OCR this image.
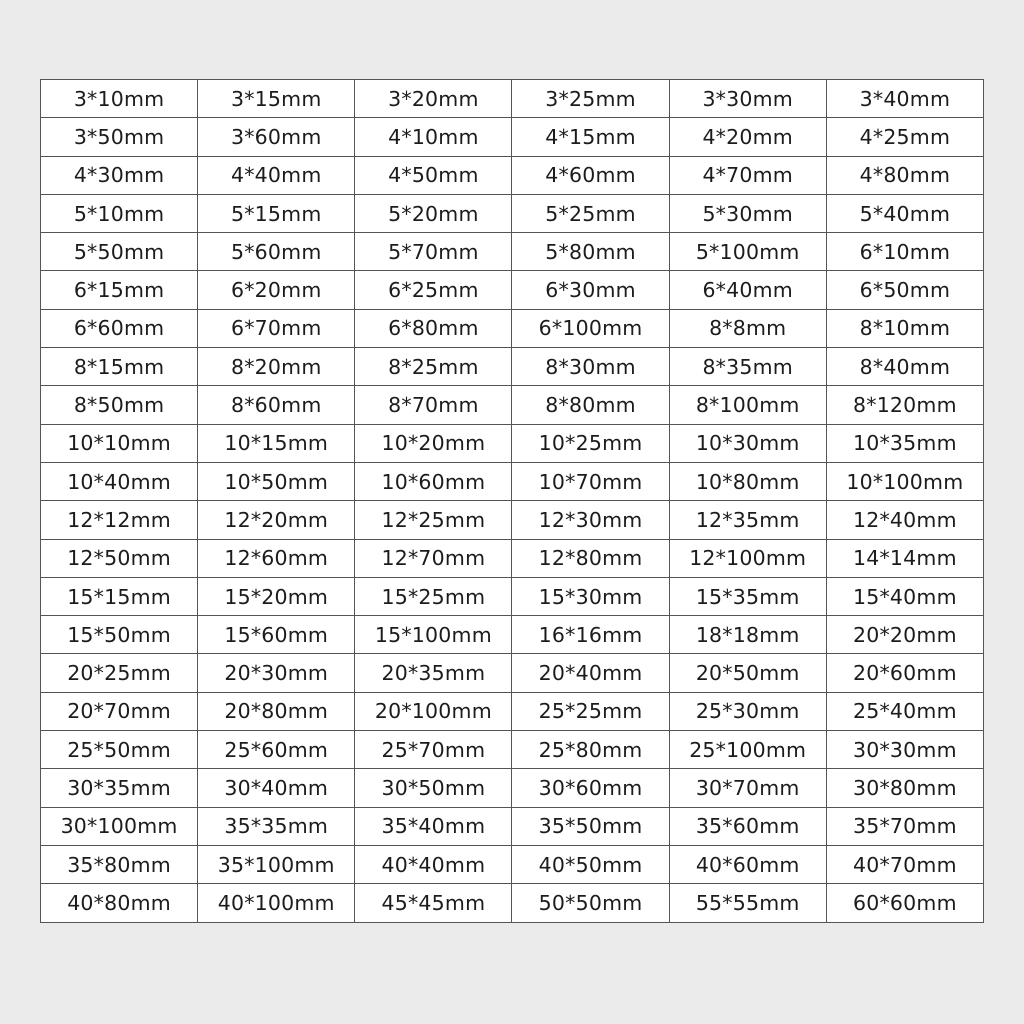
3*10mm	3*15mm	3*20mm	3*25mm	3*30mm	3*40mm
3*50mm	3*60mm	4*10mm	4*15mm	4*20mm	4*25mm
4*30mm	4*40mm	4*50mm	4*60mm	4*70mm	4*80mm
5*10mm	5*15mm	5*20mm	5*25mm	5*30mm	5*40mm
5*50mm	5*60mm	5*70mm	5*80mm	5*100mm	6*10mm
6*15mm	6*20mm	6*25mm	6*30mm	6*40mm	6*50mm
6*60mm	6*70mm	6*80mm	6*100mm	8*8mm	8*10mm
8*15mm	8*20mm	8*25mm	8*30mm	8*35mm	8*40mm
8*50mm	8*60mm	8*70mm	8*80mm	8*100mm	8*120mm
10*10mm	10*15mm	10*20mm	10*25mm	10*30mm	10*35mm
10*40mm	10*50mm	10*60mm	10*70mm	10*80mm	10*100mm
12*12mm	12*20mm	12*25mm	12*30mm	12*35mm	12*40mm
12*50mm	12*60mm	12*70mm	12*80mm	12*100mm	14*14mm
15*15mm	15*20mm	15*25mm	15*30mm	15*35mm	15*40mm
15*50mm	15*60mm	15*100mm	16*16mm	18*18mm	20*20mm
20*25mm	20*30mm	20*35mm	20*40mm	20*50mm	20*60mm
20*70mm	20*80mm	20*100mm	25*25mm	25*30mm	25*40mm
25*50mm	25*60mm	25*70mm	25*80mm	25*100mm	30*30mm
30*35mm	30*40mm	30*50mm	30*60mm	30*70mm	30*80mm
30*100mm	35*35mm	35*40mm	35*50mm	35*60mm	35*70mm
35*80mm	35*100mm	40*40mm	40*50mm	40*60mm	40*70mm
40*80mm	40*100mm	45*45mm	50*50mm	55*55mm	60*60mm
